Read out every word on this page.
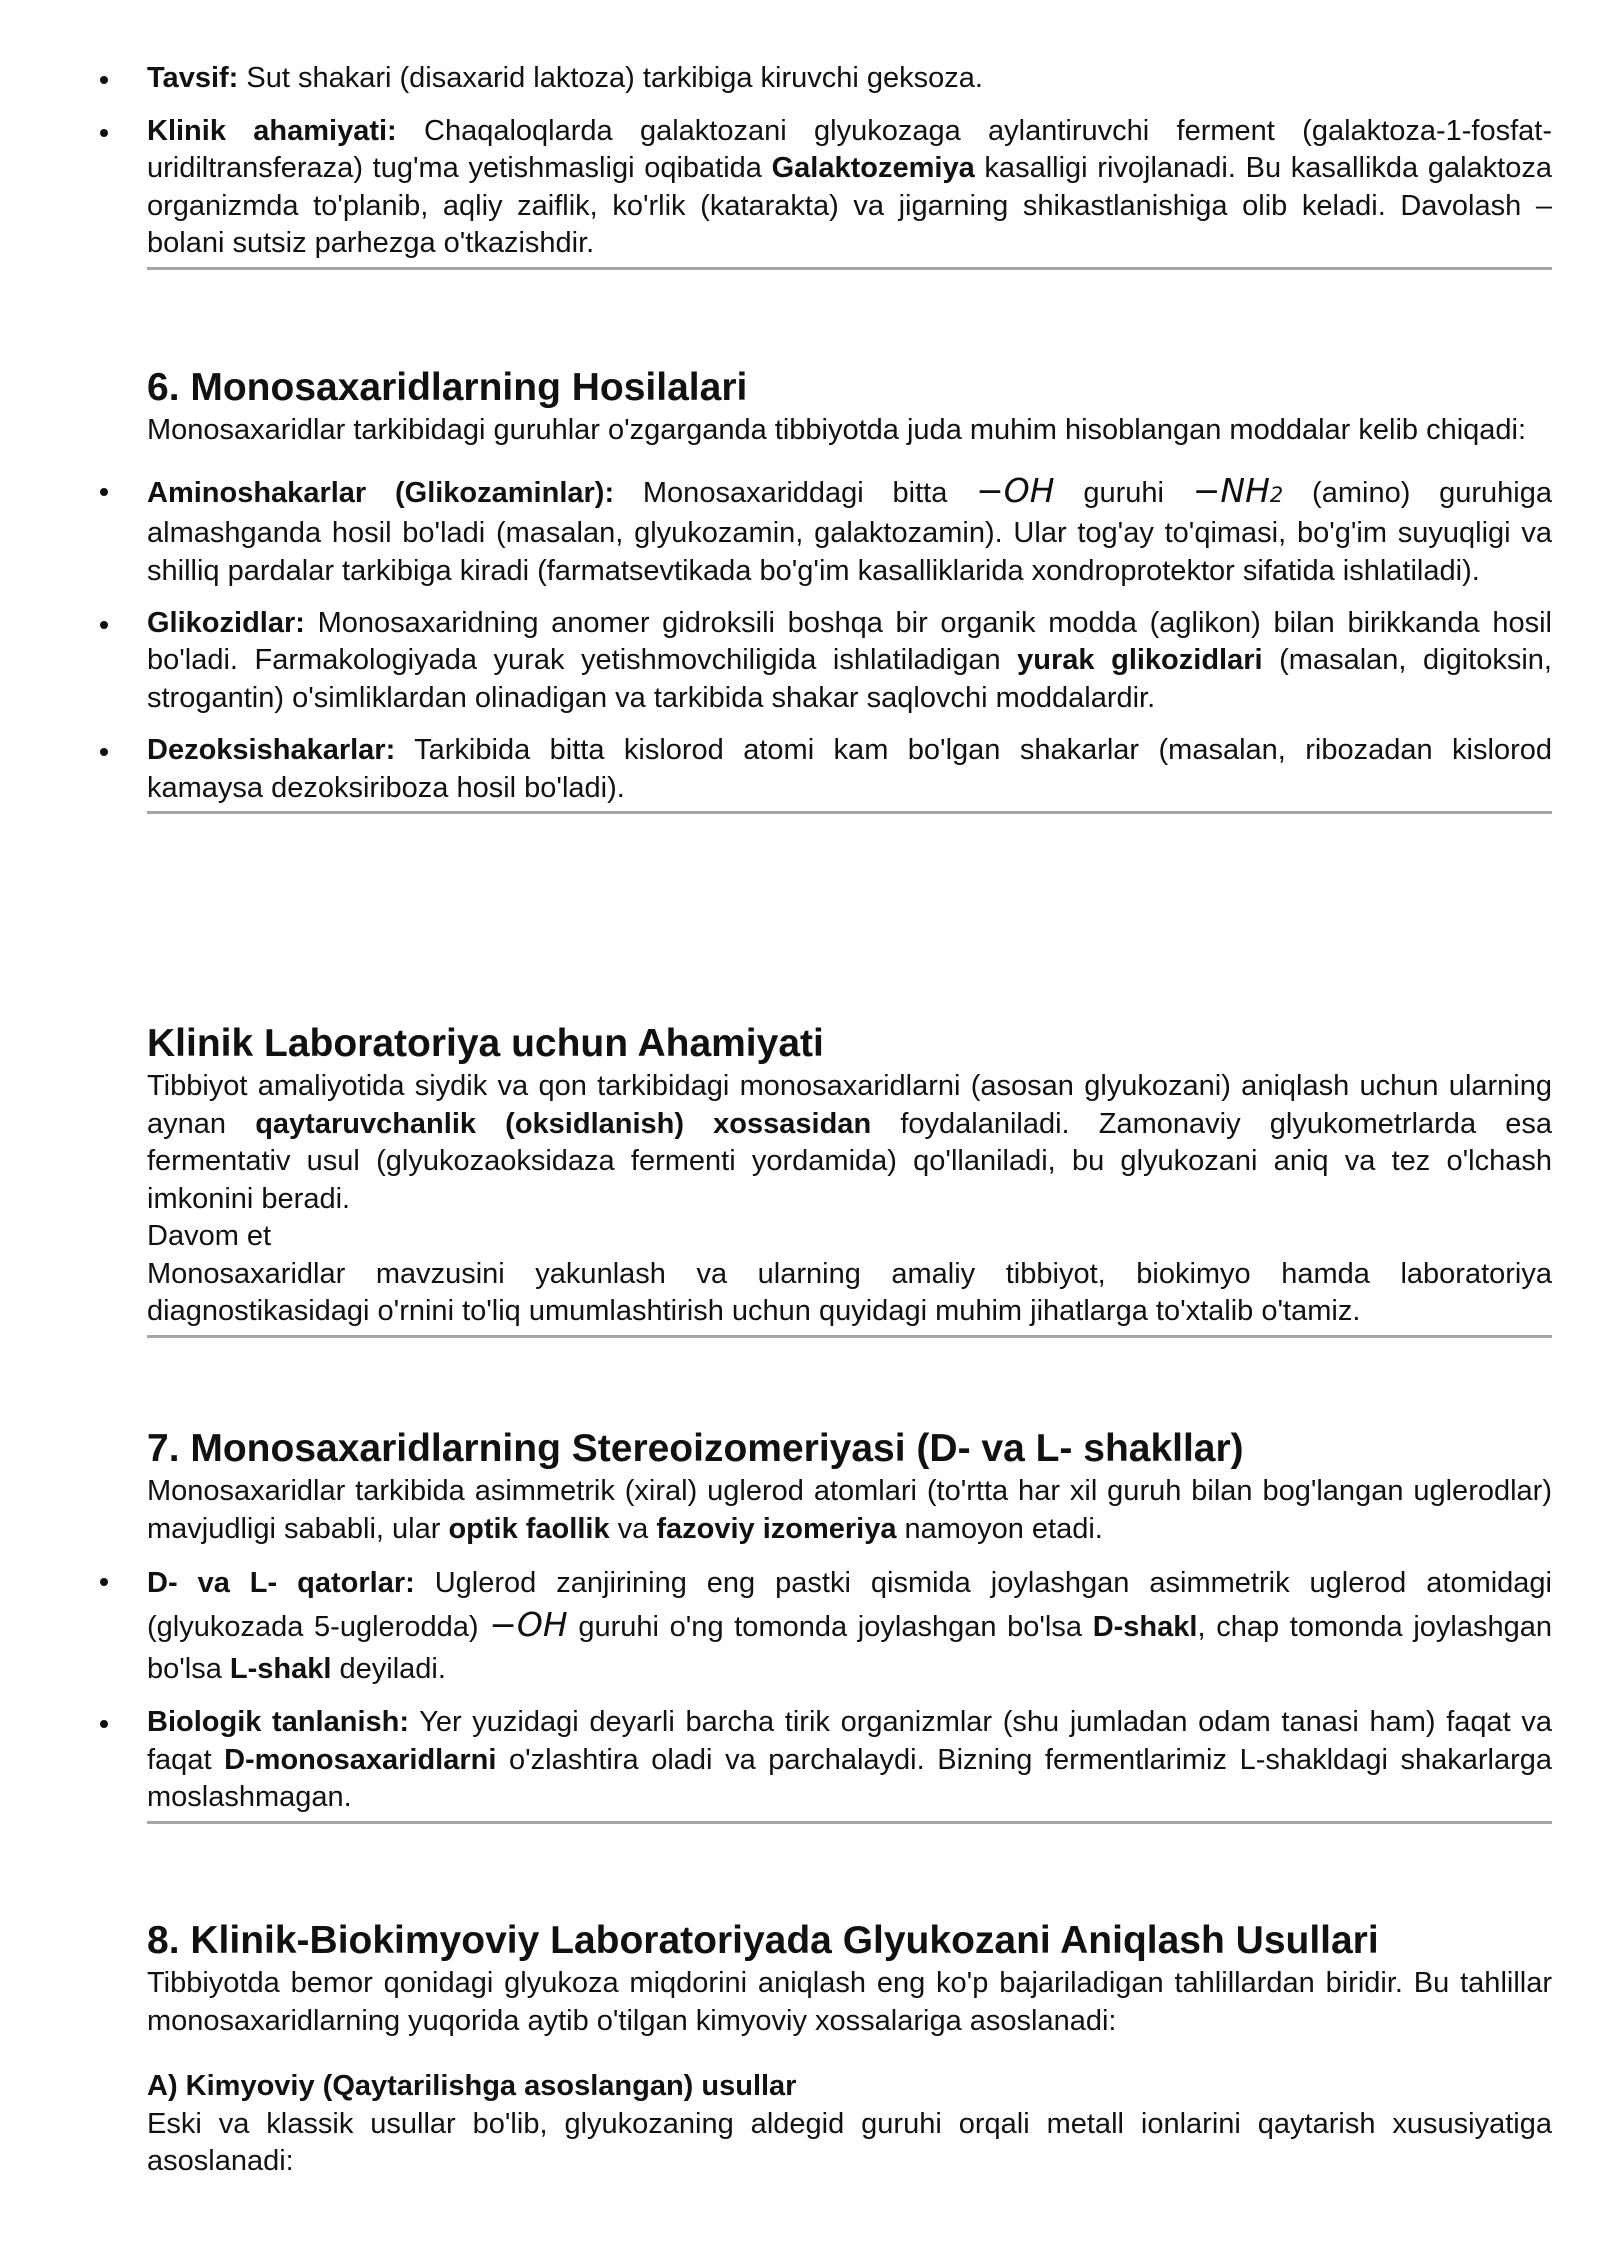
Tavsif: Sut shakari (disaxarid laktoza) tarkibiga kiruvchi geksoza.
Klinik ahamiyati: Chaqaloqlarda galaktozani glyukozaga aylantiruvchi ferment (galaktoza-1-fosfat-uridiltransferaza) tug'ma yetishmasligi oqibatida Galaktozemiya kasalligi rivojlanadi. Bu kasallikda galaktoza organizmda to'planib, aqliy zaiflik, ko'rlik (katarakta) va jigarning shikastlanishiga olib keladi. Davolash – bolani sutsiz parhezga o'tkazishdir.
6. Monosaxaridlarning Hosilalari

Monosaxaridlar tarkibidagi guruhlar o'zgarganda tibbiyotda juda muhim hisoblangan moddalar kelib chiqadi:

Aminoshakarlar (Glikozaminlar): Monosaxariddagi bitta −OH guruhi −NH2 (amino) guruhiga almashganda hosil bo'ladi (masalan, glyukozamin, galaktozamin). Ular tog'ay to'qimasi, bo'g'im suyuqligi va shilliq pardalar tarkibiga kiradi (farmatsevtikada bo'g'im kasalliklarida xondroprotektor sifatida ishlatiladi).
Glikozidlar: Monosaxaridning anomer gidroksili boshqa bir organik modda (aglikon) bilan birikkanda hosil bo'ladi. Farmakologiyada yurak yetishmovchiligida ishlatiladigan yurak glikozidlari (masalan, digitoksin, strogantin) o'simliklardan olinadigan va tarkibida shakar saqlovchi moddalardir.
Dezoksishakarlar: Tarkibida bitta kislorod atomi kam bo'lgan shakarlar (masalan, ribozadan kislorod kamaysa dezoksiriboza hosil bo'ladi).
Klinik Laboratoriya uchun Ahamiyati

Tibbiyot amaliyotida siydik va qon tarkibidagi monosaxaridlarni (asosan glyukozani) aniqlash uchun ularning aynan qaytaruvchanlik (oksidlanish) xossasidan foydalaniladi. Zamonaviy glyukometrlarda esa fermentativ usul (glyukozaoksidaza fermenti yordamida) qo'llaniladi, bu glyukozani aniq va tez o'lchash imkonini beradi.

Davom et

Monosaxaridlar mavzusini yakunlash va ularning amaliy tibbiyot, biokimyo hamda laboratoriya diagnostikasidagi o'rnini to'liq umumlashtirish uchun quyidagi muhim jihatlarga to'xtalib o'tamiz.

7. Monosaxaridlarning Stereoizomeriyasi (D- va L- shakllar)

Monosaxaridlar tarkibida asimmetrik (xiral) uglerod atomlari (to'rtta har xil guruh bilan bog'langan uglerodlar) mavjudligi sababli, ular optik faollik va fazoviy izomeriya namoyon etadi.

D- va L- qatorlar: Uglerod zanjirining eng pastki qismida joylashgan asimmetrik uglerod atomidagi (glyukozada 5-uglerodda) −OH guruhi o'ng tomonda joylashgan bo'lsa D-shakl, chap tomonda joylashgan bo'lsa L-shakl deyiladi.
Biologik tanlanish: Yer yuzidagi deyarli barcha tirik organizmlar (shu jumladan odam tanasi ham) faqat va faqat D-monosaxaridlarni o'zlashtira oladi va parchalaydi. Bizning fermentlarimiz L-shakldagi shakarlarga moslashmagan.
8. Klinik-Biokimyoviy Laboratoriyada Glyukozani Aniqlash Usullari

Tibbiyotda bemor qonidagi glyukoza miqdorini aniqlash eng ko'p bajariladigan tahlillardan biridir. Bu tahlillar monosaxaridlarning yuqorida aytib o'tilgan kimyoviy xossalariga asoslanadi:

A) Kimyoviy (Qaytarilishga asoslangan) usullar

Eski va klassik usullar bo'lib, glyukozaning aldegid guruhi orqali metall ionlarini qaytarish xususiyatiga asoslanadi:
